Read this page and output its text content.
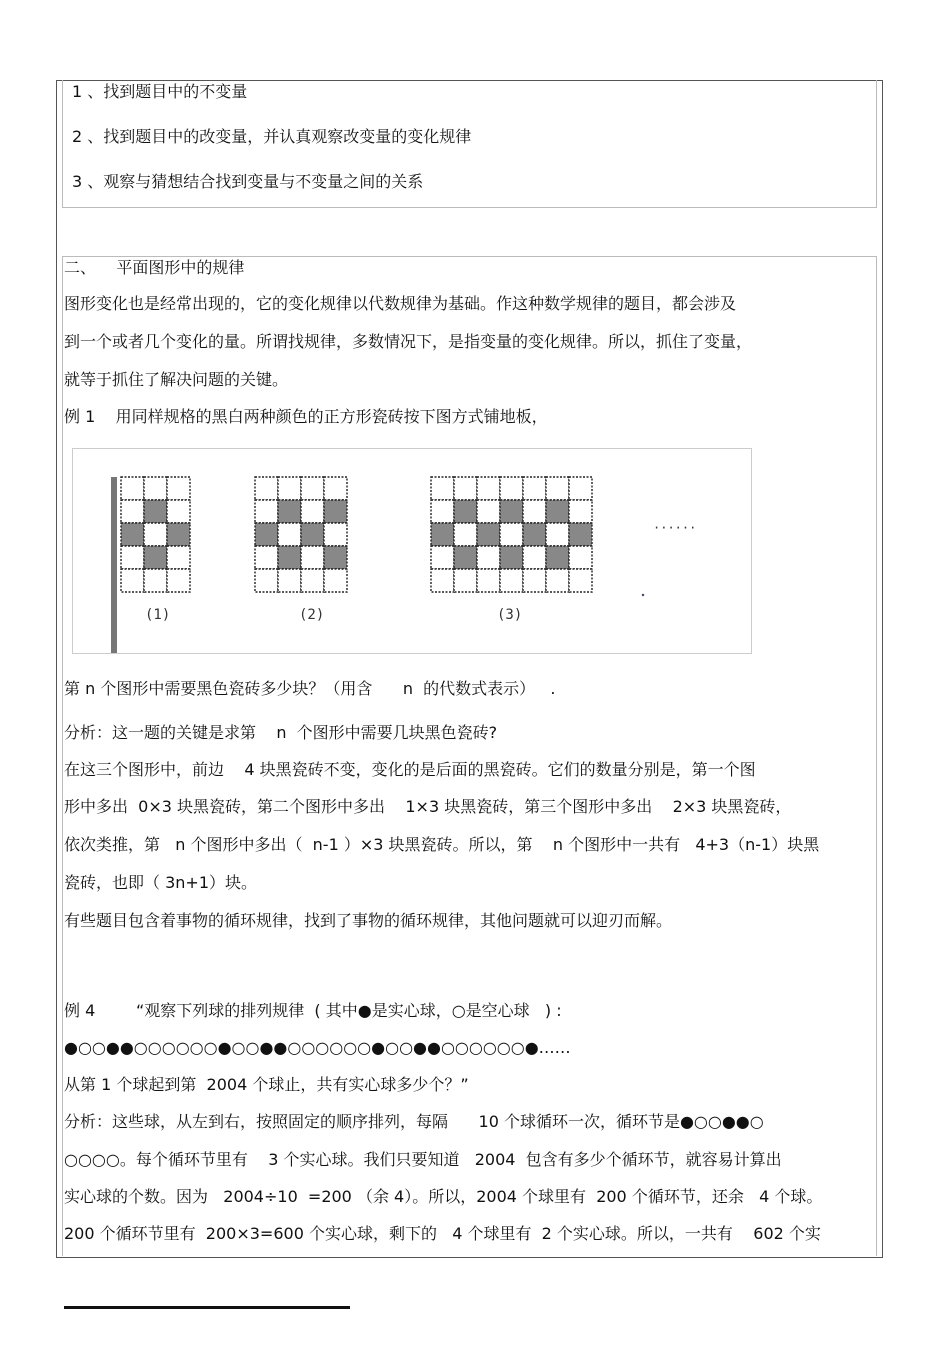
1 、找到题目中的不变量
2 、找到题目中的改变量，并认真观察改变量的变化规律
3 、观察与猜想结合找到变量与不变量之间的关系
二、    平面图形中的规律
图形变化也是经常出现的，它的变化规律以代数规律为基础。作这种数学规律的题目，都会涉及
到一个或者几个变化的量。所谓找规律，多数情况下，是指变量的变化规律。所以，抓住了变量，
就等于抓住了解决问题的关键。
例 1    用同样规格的黑白两种颜色的正方形瓷砖按下图方式铺地板，
(1)	(2)	(3)
······
第 n 个图形中需要黑色瓷砖多少块？（用含      n  的代数式表示）   .
分析：这一题的关键是求第    n  个图形中需要几块黑色瓷砖?
在这三个图形中，前边    4 块黑瓷砖不变，变化的是后面的黑瓷砖。它们的数量分别是，第一个图
形中多出  0×3 块黑瓷砖，第二个图形中多出    1×3 块黑瓷砖，第三个图形中多出    2×3 块黑瓷砖，
依次类推，第   n 个图形中多出（  n-1 ）×3 块黑瓷砖。所以，第    n 个图形中一共有   4+3（n-1）块黑
瓷砖，也即（ 3n+1）块。
有些题目包含着事物的循环规律，找到了事物的循环规律，其他问题就可以迎刃而解。
例 4        “观察下列球的排列规律  ( 其中●是实心球，○是空心球   ) :
●○○●●○○○○○○●○○●●○○○○○○●○○●●○○○○○○●……
从第 1 个球起到第  2004 个球止，共有实心球多少个？”
分析：这些球，从左到右，按照固定的顺序排列，每隔      10 个球循环一次，循环节是●○○●●○
○○○○。每个循环节里有    3 个实心球。我们只要知道   2004  包含有多少个循环节，就容易计算出
实心球的个数。因为   2004÷10  =200 （余 4）。所以，2004 个球里有  200 个循环节，还余   4 个球。
200 个循环节里有  200×3=600 个实心球，剩下的   4 个球里有  2 个实心球。所以，一共有    602 个实
